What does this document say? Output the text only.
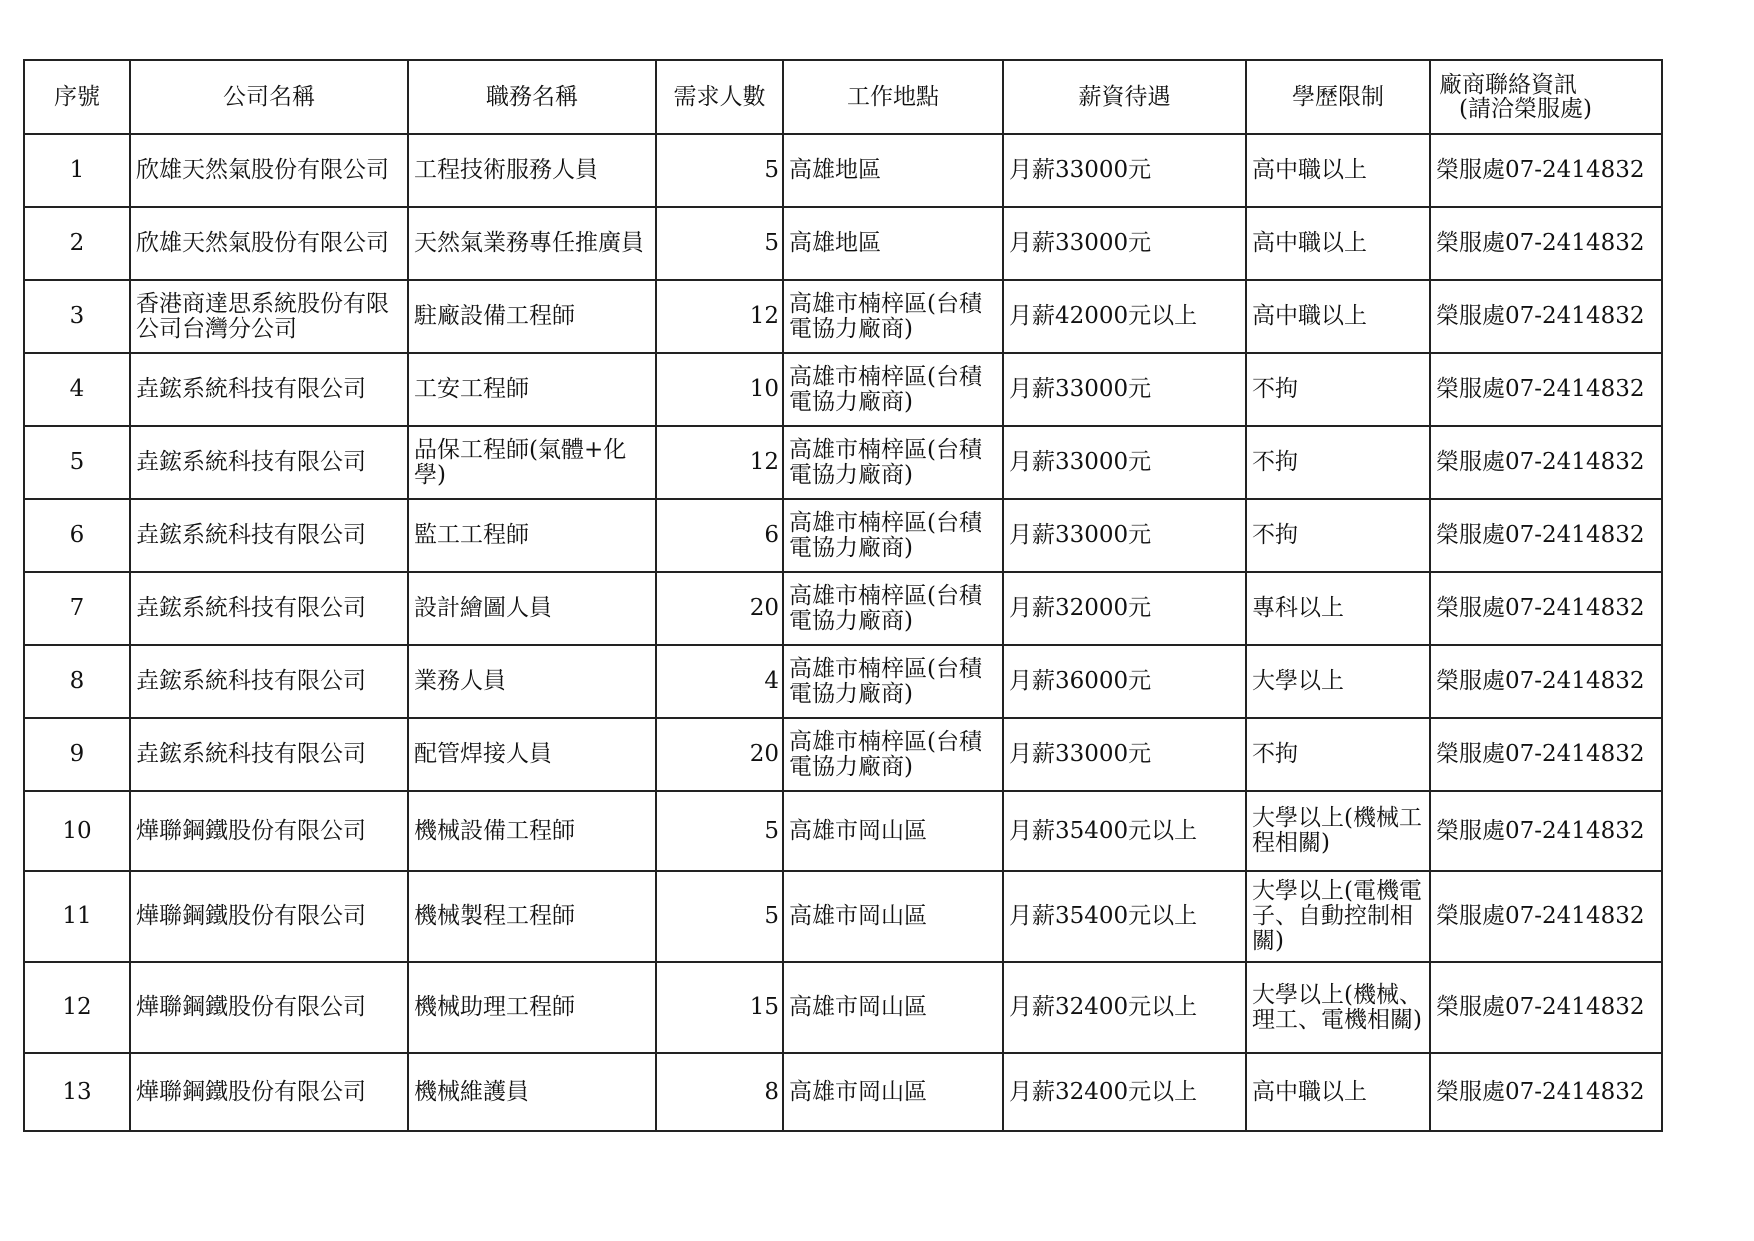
序號	公司名稱	職務名稱	需求人數	工作地點	薪資待遇	學歷限制	廠商聯絡資訊
(請洽榮服處)

1	欣雄天然氣股份有限公司	工程技術服務人員	5	高雄地區	月薪33000元	高中職以上	榮服處07-2414832
2	欣雄天然氣股份有限公司	天然氣業務專任推廣員	5	高雄地區	月薪33000元	高中職以上	榮服處07-2414832
3	香港商達思系統股份有限公司台灣分公司	駐廠設備工程師	12	高雄市楠梓區(台積電協力廠商)	月薪42000元以上	高中職以上	榮服處07-2414832
4	垚鋐系統科技有限公司	工安工程師	10	高雄市楠梓區(台積電協力廠商)	月薪33000元	不拘	榮服處07-2414832
5	垚鋐系統科技有限公司	品保工程師(氣體+化學)	12	高雄市楠梓區(台積電協力廠商)	月薪33000元	不拘	榮服處07-2414832
6	垚鋐系統科技有限公司	監工工程師	6	高雄市楠梓區(台積電協力廠商)	月薪33000元	不拘	榮服處07-2414832
7	垚鋐系統科技有限公司	設計繪圖人員	20	高雄市楠梓區(台積電協力廠商)	月薪32000元	專科以上	榮服處07-2414832
8	垚鋐系統科技有限公司	業務人員	4	高雄市楠梓區(台積電協力廠商)	月薪36000元	大學以上	榮服處07-2414832
9	垚鋐系統科技有限公司	配管焊接人員	20	高雄市楠梓區(台積電協力廠商)	月薪33000元	不拘	榮服處07-2414832
10	燁聯鋼鐵股份有限公司	機械設備工程師	5	高雄市岡山區	月薪35400元以上	大學以上(機械工程相關)	榮服處07-2414832
11	燁聯鋼鐵股份有限公司	機械製程工程師	5	高雄市岡山區	月薪35400元以上	大學以上(電機電子、自動控制相關)	榮服處07-2414832
12	燁聯鋼鐵股份有限公司	機械助理工程師	15	高雄市岡山區	月薪32400元以上	大學以上(機械、理工、電機相關)	榮服處07-2414832
13	燁聯鋼鐵股份有限公司	機械維護員	8	高雄市岡山區	月薪32400元以上	高中職以上	榮服處07-2414832
